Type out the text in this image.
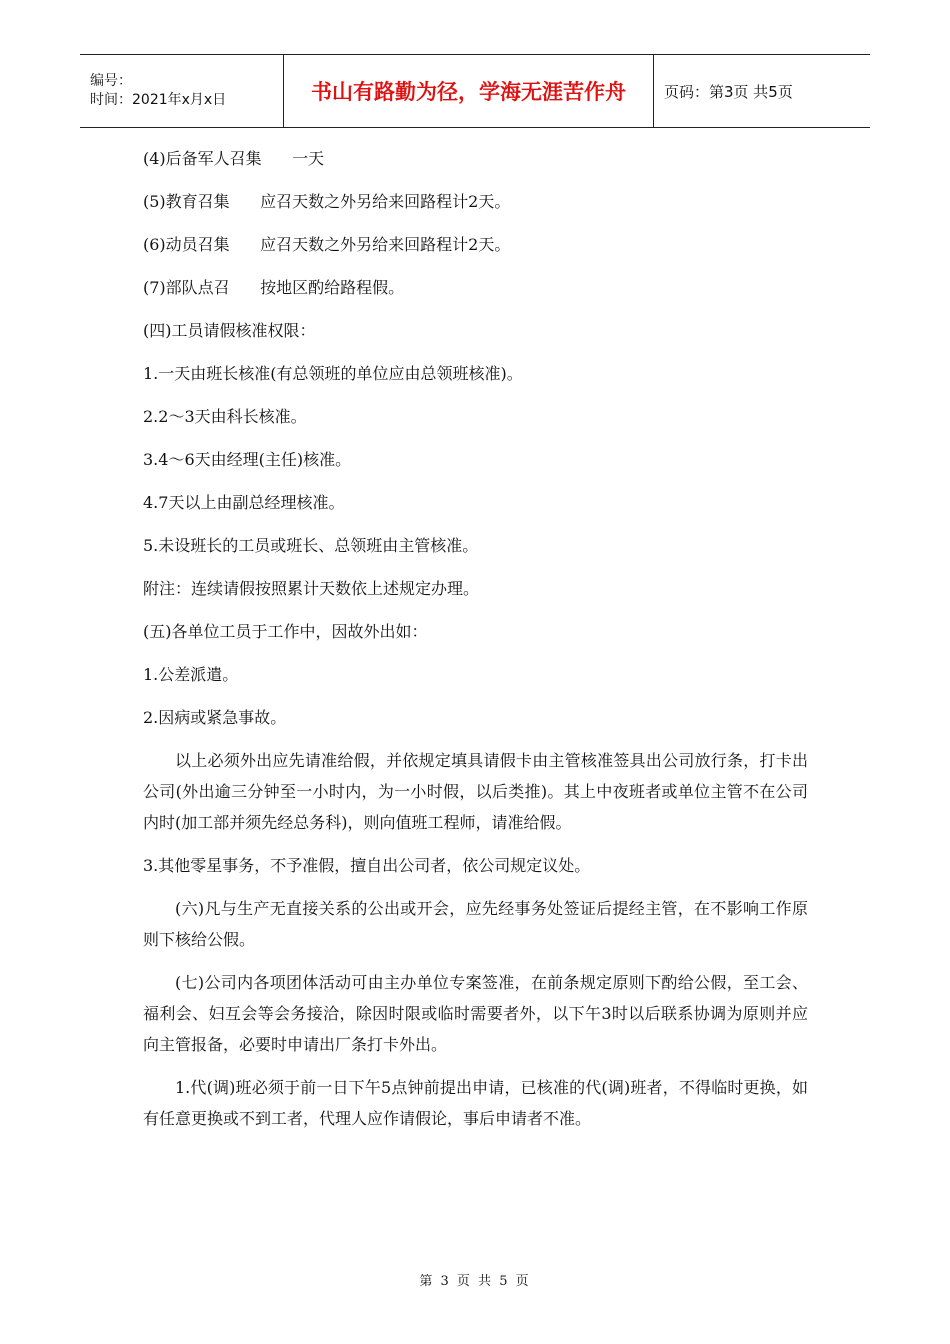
编号：
时间：2021年x月x日	书山有路勤为径，学海无涯苦作舟	页码：第3页 共5页

(4)后备军人召集      一天

(5)教育召集      应召天数之外另给来回路程计2天。

(6)动员召集      应召天数之外另给来回路程计2天。

(7)部队点召      按地区酌给路程假。

(四)工员请假核准权限：

1.一天由班长核准(有总领班的单位应由总领班核准)。

2.2～3天由科长核准。

3.4～6天由经理(主任)核准。

4.7天以上由副总经理核准。

5.未设班长的工员或班长、总领班由主管核准。

附注：连续请假按照累计天数依上述规定办理。

(五)各单位工员于工作中，因故外出如：

1.公差派遣。

2.因病或紧急事故。

以上必须外出应先请准给假，并依规定填具请假卡由主管核准签具出公司放行条，打卡出公司(外出逾三分钟至一小时内，为一小时假，以后类推)。其上中夜班者或单位主管不在公司内时(加工部并须先经总务科)，则向值班工程师，请准给假。

3.其他零星事务，不予准假，擅自出公司者，依公司规定议处。

(六)凡与生产无直接关系的公出或开会，应先经事务处签证后提经主管，在不影响工作原则下核给公假。

(七)公司内各项团体活动可由主办单位专案签准，在前条规定原则下酌给公假，至工会、福利会、妇互会等会务接洽，除因时限或临时需要者外，以下午3时以后联系协调为原则并应向主管报备，必要时申请出厂条打卡外出。

1.代(调)班必须于前一日下午5点钟前提出申请，已核准的代(调)班者，不得临时更换，如有任意更换或不到工者，代理人应作请假论，事后申请者不准。

第 3 页 共 5 页
